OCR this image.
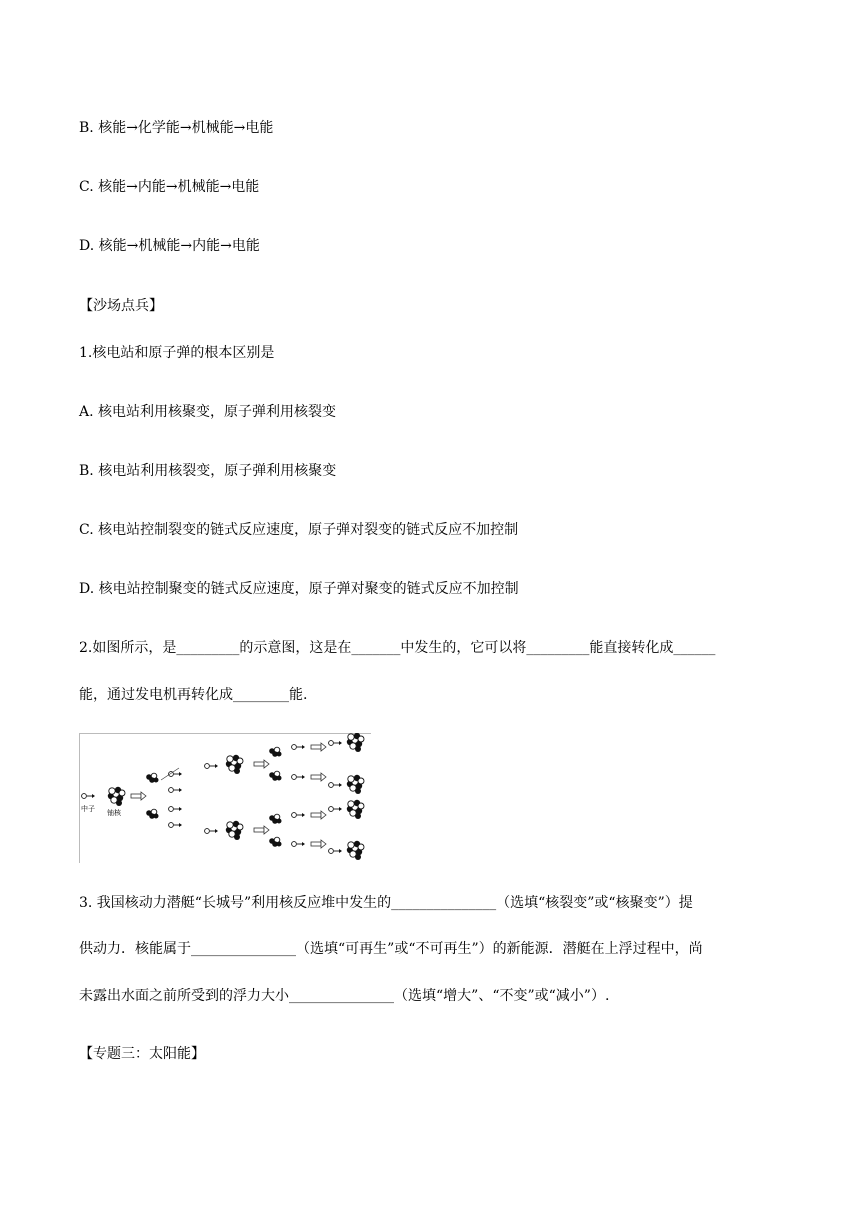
B. 核能→化学能→机械能→电能
C. 核能→内能→机械能→电能
D. 核能→机械能→内能→电能
【沙场点兵】
1.核电站和原子弹的根本区别是
A. 核电站利用核聚变，原子弹利用核裂变
B. 核电站利用核裂变，原子弹利用核聚变
C. 核电站控制裂变的链式反应速度，原子弹对裂变的链式反应不加控制
D. 核电站控制聚变的链式反应速度，原子弹对聚变的链式反应不加控制
2.如图所示，是_________的示意图，这是在_______中发生的，它可以将_________能直接转化成______
能，通过发电机再转化成________能.
中子 铀核
3. 我国核动力潜艇“长城号”利用核反应堆中发生的_______________（选填“核裂变”或“核聚变”）提
供动力．核能属于_______________（选填“可再生”或“不可再生”）的新能源．潜艇在上浮过程中，尚
未露出水面之前所受到的浮力大小_______________（选填“增大”、“不变”或“减小”）.
【专题三：太阳能】
